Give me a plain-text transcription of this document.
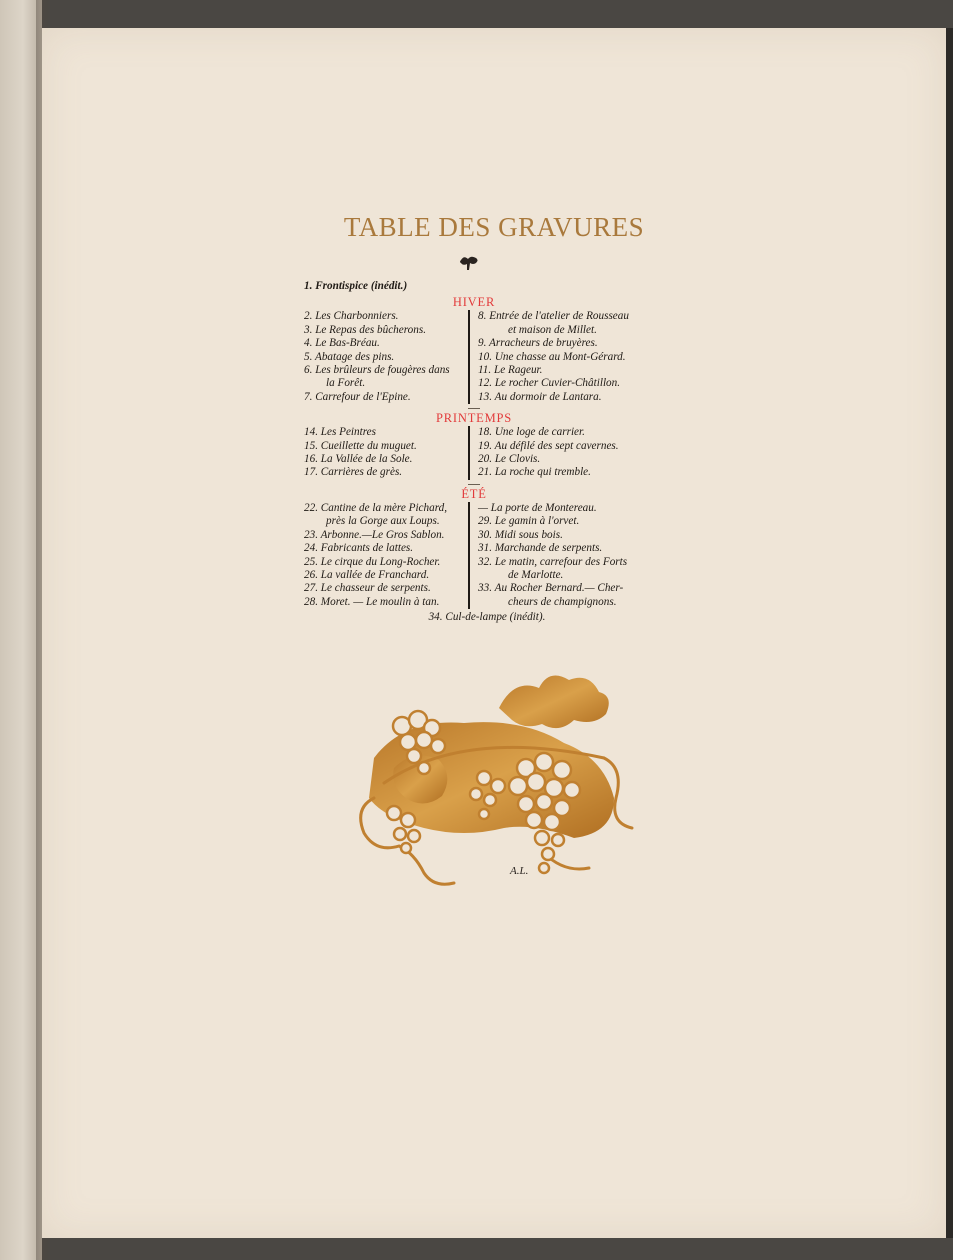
TABLE DES GRAVURES
1. Frontispice (inédit.)
HIVER
2. Les Charbonniers.
3. Le Repas des bûcherons.
4. Le Bas-Bréau.
5. Abatage des pins.
6. Les brûleurs de fougères dans
la Forêt.
7. Carrefour de l'Epine.
8. Entrée de l'atelier de Rousseau
et maison de Millet.
9. Arracheurs de bruyères.
10. Une chasse au Mont-Gérard.
11. Le Rageur.
12. Le rocher Cuvier-Châtillon.
13. Au dormoir de Lantara.
PRINTEMPS
14. Les Peintres
15. Cueillette du muguet.
16. La Vallée de la Sole.
17. Carrières de grès.
18. Une loge de carrier.
19. Au défilé des sept cavernes.
20. Le Clovis.
21. La roche qui tremble.
ÉTÉ
22. Cantine de la mère Pichard,
près la Gorge aux Loups.
23. Arbonne.—Le Gros Sablon.
24. Fabricants de lattes.
25. Le cirque du Long-Rocher.
26. La vallée de Franchard.
27. Le chasseur de serpents.
28. Moret. — Le moulin à tan.
— La porte de Montereau.
29. Le gamin à l'orvet.
30. Midi sous bois.
31. Marchande de serpents.
32. Le matin, carrefour des Forts
de Marlotte.
33. Au Rocher Bernard.— Cher-
cheurs de champignons.
34. Cul-de-lampe (inédit).
A.L.
